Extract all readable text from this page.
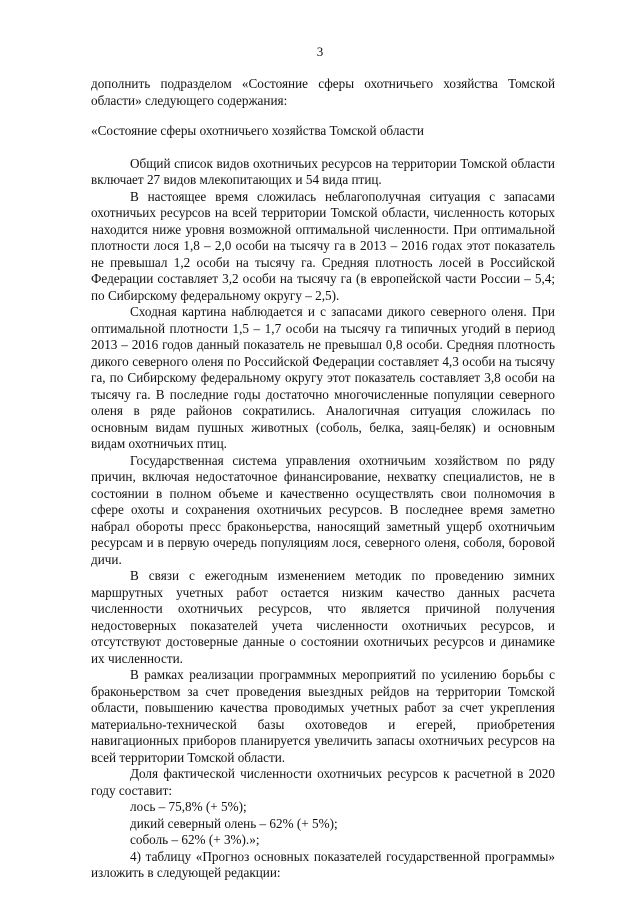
3

дополнить подразделом «Состояние сферы охотничьего хозяйства Томской области» следующего содержания:

«Состояние сферы охотничьего хозяйства Томской области

Общий список видов охотничьих ресурсов на территории Томской области включает 27 видов млекопитающих и 54 вида птиц.

В настоящее время сложилась неблагополучная ситуация с запасами охотничьих ресурсов на всей территории Томской области, численность которых находится ниже уровня возможной оптимальной численности. При оптимальной плотности лося 1,8 – 2,0 особи на тысячу га в 2013 – 2016 годах этот показатель не превышал 1,2 особи на тысячу га. Средняя плотность лосей в Российской Федерации составляет 3,2 особи на тысячу га (в европейской части России – 5,4; по Сибирскому федеральному округу – 2,5).

Сходная картина наблюдается и с запасами дикого северного оленя. При оптимальной плотности 1,5 – 1,7 особи на тысячу га типичных угодий в период 2013 – 2016 годов данный показатель не превышал 0,8 особи. Средняя плотность дикого северного оленя по Российской Федерации составляет 4,3 особи на тысячу га, по Сибирскому федеральному округу этот показатель составляет 3,8 особи на тысячу га. В последние годы достаточно многочисленные популяции северного оленя в ряде районов сократились. Аналогичная ситуация сложилась по основным видам пушных животных (соболь, белка, заяц-беляк) и основным видам охотничьих птиц.

Государственная система управления охотничьим хозяйством по ряду причин, включая недостаточное финансирование, нехватку специалистов, не в состоянии в полном объеме и качественно осуществлять свои полномочия в сфере охоты и сохранения охотничьих ресурсов. В последнее время заметно набрал обороты пресс браконьерства, наносящий заметный ущерб охотничьим ресурсам и в первую очередь популяциям лося, северного оленя, соболя, боровой дичи.

В связи с ежегодным изменением методик по проведению зимних маршрутных учетных работ остается низким качество данных расчета численности охотничьих ресурсов, что является причиной получения недостоверных показателей учета численности охотничьих ресурсов, и отсутствуют достоверные данные о состоянии охотничьих ресурсов и динамике их численности.

В рамках реализации программных мероприятий по усилению борьбы с браконьерством за счет проведения выездных рейдов на территории Томской области, повышению качества проводимых учетных работ за счет укрепления материально-технической базы охотоведов и егерей, приобретения навигационных приборов планируется увеличить запасы охотничьих ресурсов на всей территории Томской области.

Доля фактической численности охотничьих ресурсов к расчетной в 2020 году составит:

лось – 75,8% (+ 5%);

дикий северный олень – 62% (+ 5%);

соболь – 62% (+ 3%).»;

4) таблицу «Прогноз основных показателей государственной программы» изложить в следующей редакции:
